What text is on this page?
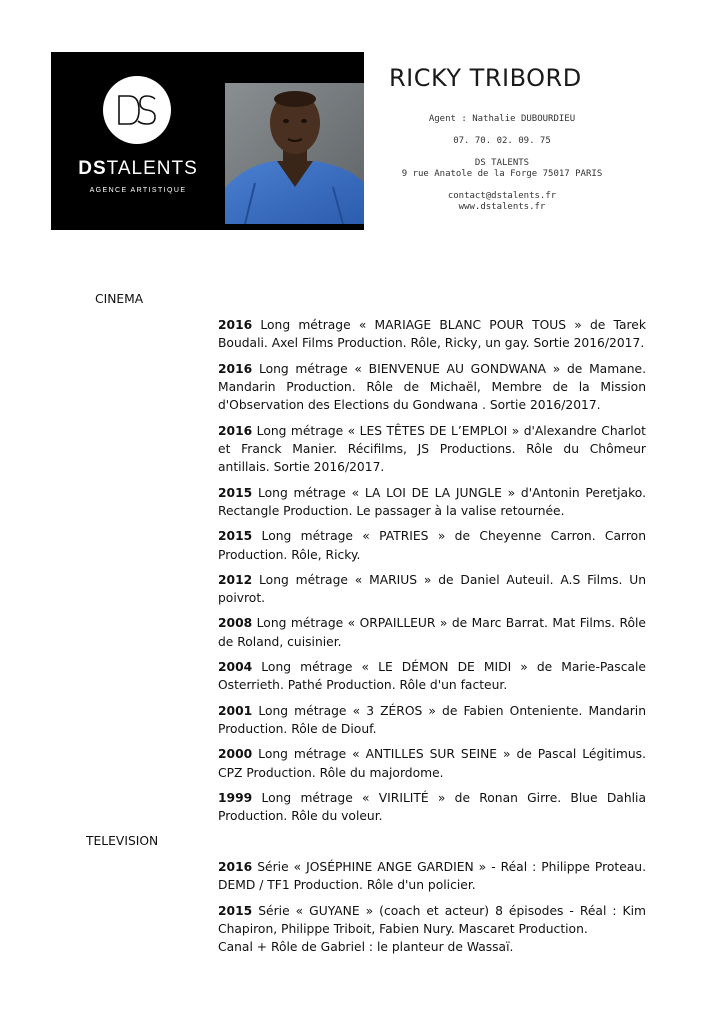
DSTALENTS
AGENCE ARTISTIQUE
RICKY TRIBORD
Agent : Nathalie DUBOURDIEU
07. 70. 02. 09. 75
DS TALENTS
9 rue Anatole de la Forge 75017 PARIS
contact@dstalents.fr
www.dstalents.fr
CINEMA

2016 Long métrage « MARIAGE BLANC POUR TOUS » de Tarek Boudali. Axel Films Production. Rôle, Ricky, un gay. Sortie 2016/2017.

2016 Long métrage « BIENVENUE AU GONDWANA » de Mamane. Mandarin Production. Rôle de Michaël, Membre de la Mission d'Observation des Elections du Gondwana . Sortie 2016/2017.

2016 Long métrage « LES TÊTES DE L’EMPLOI » d'Alexandre Charlot et Franck Manier. Récifilms, JS Productions. Rôle du Chômeur antillais. Sortie 2016/2017.

2015 Long métrage « LA LOI DE LA JUNGLE » d'Antonin Peretjako. Rectangle Production. Le passager à la valise retournée.

2015 Long métrage « PATRIES » de Cheyenne Carron. Carron Production. Rôle, Ricky.

2012 Long métrage « MARIUS » de Daniel Auteuil. A.S Films. Un poivrot.

2008 Long métrage « ORPAILLEUR » de Marc Barrat. Mat Films. Rôle de Roland, cuisinier.

2004 Long métrage « LE DÉMON DE MIDI » de Marie-Pascale Osterrieth. Pathé Production. Rôle d'un facteur.

2001 Long métrage « 3 ZÉROS » de Fabien Onteniente. Mandarin Production. Rôle de Diouf.

2000 Long métrage « ANTILLES SUR SEINE » de Pascal Légitimus. CPZ Production. Rôle du majordome.

1999 Long métrage « VIRILITÉ » de Ronan Girre. Blue Dahlia Production. Rôle du voleur.

TELEVISION

2016 Série « JOSÉPHINE ANGE GARDIEN » - Réal : Philippe Proteau. DEMD / TF1 Production. Rôle d'un policier.

2015 Série « GUYANE » (coach et acteur) 8 épisodes - Réal : Kim Chapiron, Philippe Triboit, Fabien Nury. Mascaret Production.
Canal + Rôle de Gabriel : le planteur de Wassaï.
